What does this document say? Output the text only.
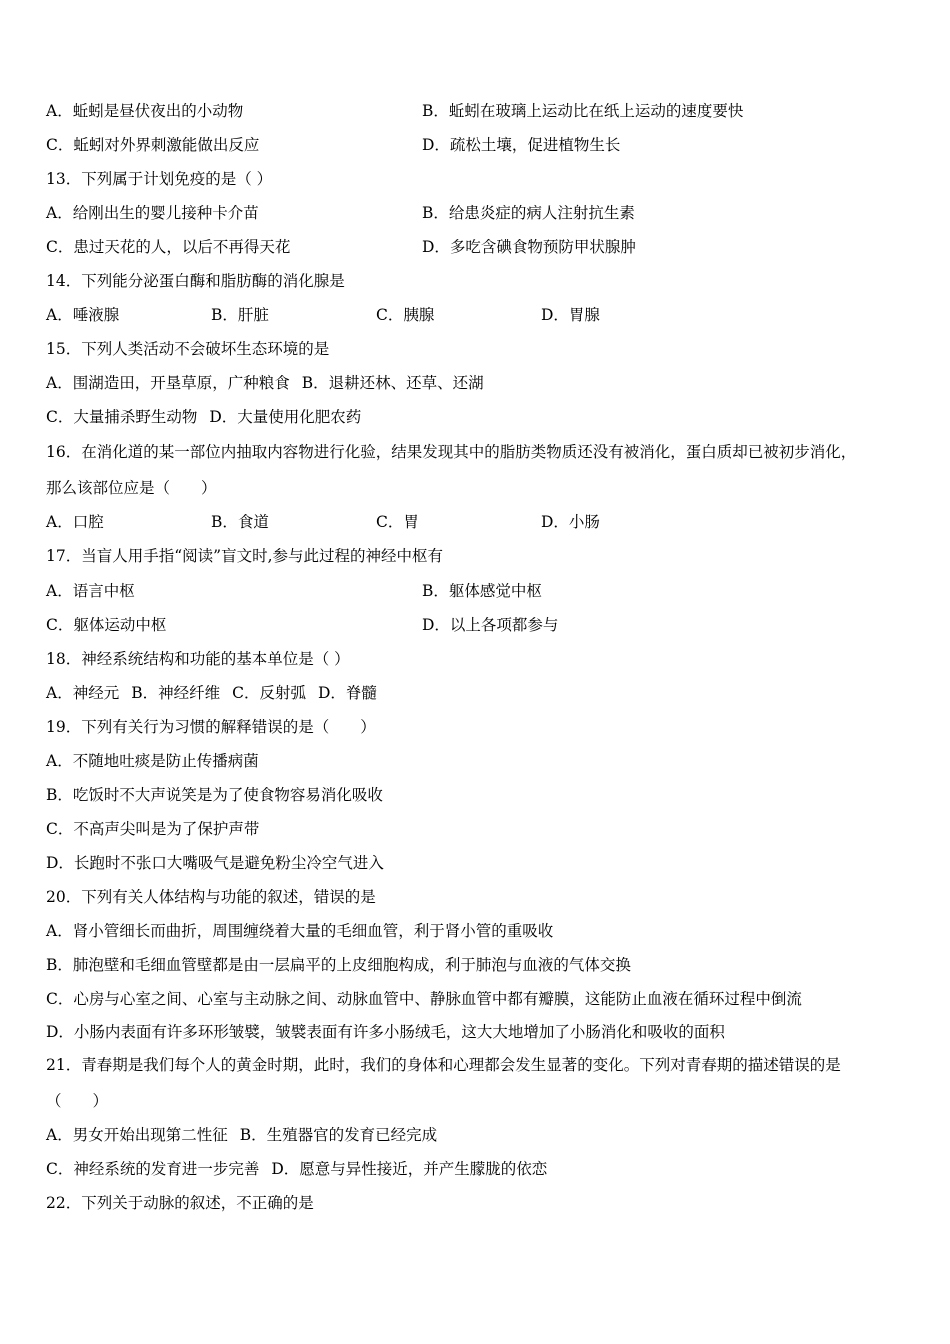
A．蚯蚓是昼伏夜出的小动物	B．蚯蚓在玻璃上运动比在纸上运动的速度要快
C．蚯蚓对外界刺激能做出反应	D．疏松土壤，促进植物生长
13．下列属于计划免疫的是（ ）
A．给刚出生的婴儿接种卡介苗	B．给患炎症的病人注射抗生素
C．患过天花的人，以后不再得天花	D．多吃含碘食物预防甲状腺肿
14．下列能分泌蛋白酶和脂肪酶的消化腺是
A．唾液腺	B．肝脏	C．胰腺	D．胃腺
15．下列人类活动不会破坏生态环境的是
A．围湖造田，开垦草原，广种粮食 B．退耕还林、还草、还湖
C．大量捕杀野生动物 D．大量使用化肥农药
16．在消化道的某一部位内抽取内容物进行化验，结果发现其中的脂肪类物质还没有被消化，蛋白质却已被初步消化，
那么该部位应是（　　）
A．口腔	B．食道	C．胃	D．小肠
17．当盲人用手指“阅读”盲文时,参与此过程的神经中枢有
A．语言中枢	B．躯体感觉中枢
C．躯体运动中枢	D．以上各项都参与
18．神经系统结构和功能的基本单位是（ ）
A．神经元 B．神经纤维 C．反射弧 D．脊髓
19．下列有关行为习惯的解释错误的是（　　）
A．不随地吐痰是防止传播病菌
B．吃饭时不大声说笑是为了使食物容易消化吸收
C．不高声尖叫是为了保护声带
D．长跑时不张口大嘴吸气是避免粉尘冷空气进入
20．下列有关人体结构与功能的叙述，错误的是
A．肾小管细长而曲折，周围缠绕着大量的毛细血管，利于肾小管的重吸收
B．肺泡壁和毛细血管壁都是由一层扁平的上皮细胞构成，利于肺泡与血液的气体交换
C．心房与心室之间、心室与主动脉之间、动脉血管中、静脉血管中都有瓣膜，这能防止血液在循环过程中倒流
D．小肠内表面有许多环形皱襞，皱襞表面有许多小肠绒毛，这大大地增加了小肠消化和吸收的面积
21．青春期是我们每个人的黄金时期，此时，我们的身体和心理都会发生显著的变化。下列对青春期的描述错误的是
（　　）
A．男女开始出现第二性征 B．生殖器官的发育已经完成
C．神经系统的发育进一步完善 D．愿意与异性接近，并产生朦胧的依恋
22．下列关于动脉的叙述，不正确的是
